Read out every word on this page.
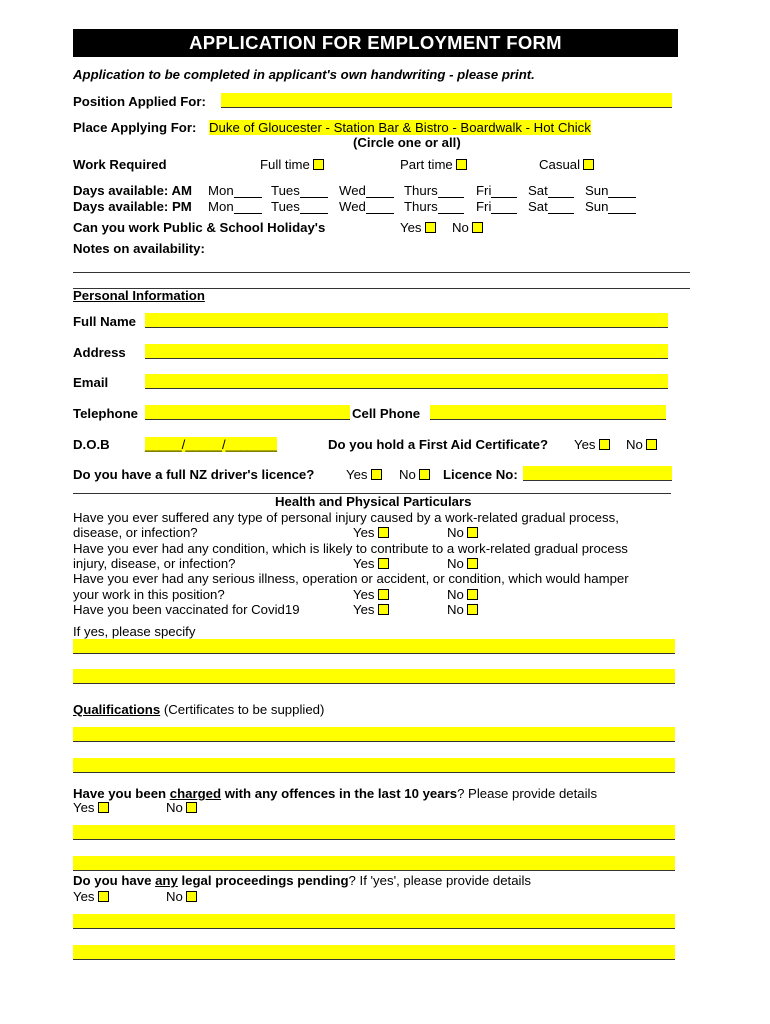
APPLICATION FOR EMPLOYMENT FORM
Application to be completed in applicant's own handwriting - please print.
Position Applied For:
Place Applying For: Duke of Gloucester - Station Bar & Bistro - Boardwalk - Hot Chick
(Circle one or all)
Work Required	Full time	Part time	Casual
Days available: AM Mon	Tues	Wed	Thurs	Fri	Sat	Sun
Days available: PM Mon	Tues	Wed	Thurs	Fri	Sat	Sun
Can you work Public & School Holiday's	Yes	No
Notes on availability:
Personal Information
Full Name
Address
Email
Telephone	Cell Phone
D.O.B	_____/_____/_______	Do you hold a First Aid Certificate? Yes	No
Do you have a full NZ driver's licence? Yes	No	Licence No:
Health and Physical Particulars
Have you ever suffered any type of personal injury caused by a work-related gradual process,
disease, or infection?	Yes	No
Have you ever had any condition, which is likely to contribute to a work-related gradual process
injury, disease, or infection?	Yes	No
Have you ever had any serious illness, operation or accident, or condition, which would hamper
your work in this position?	Yes	No
Have you been vaccinated for Covid19	Yes	No
If yes, please specify
Qualifications (Certificates to be supplied)
Have you been charged with any offences in the last 10 years? Please provide details
Yes	No
Do you have any legal proceedings pending? If 'yes', please provide details
Yes	No
